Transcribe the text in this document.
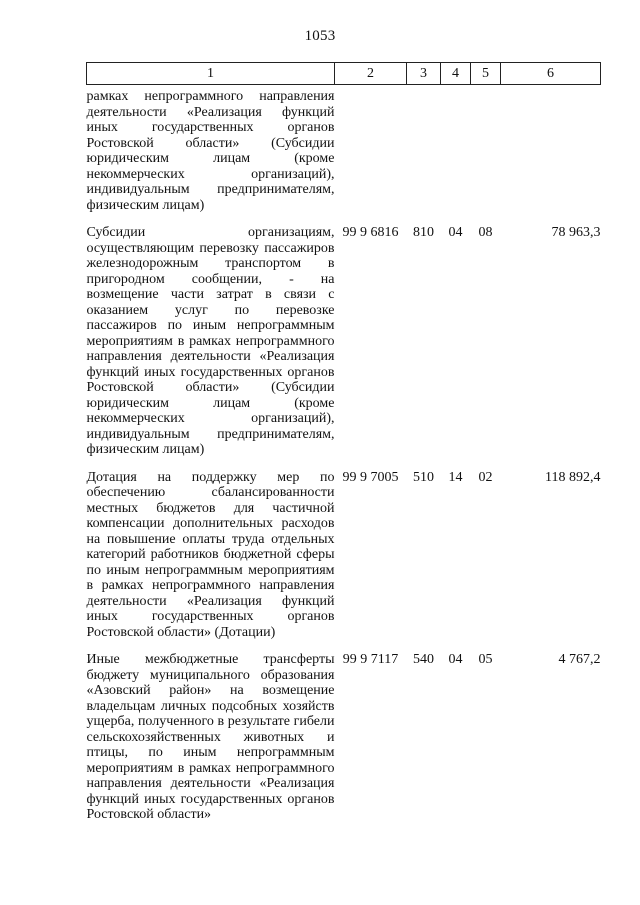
1053
1	2	3	4	5	6

рамках непрограммного направления деятельности «Реализация функций иных государственных органов Ростовской области» (Субсидии юридическим лицам (кроме некоммерческих организаций), индивидуальным предпринимателям, физическим лицам)					

Субсидии организациям, осуществляющим перевозку пассажиров железнодорожным транспортом в пригородном сообщении, - на возмещение части затрат в связи с оказанием услуг по перевозке пассажиров по иным непрограммным мероприятиям в рамках непрограммного направления деятельности «Реализация функций иных государственных органов Ростовской области» (Субсидии юридическим лицам (кроме некоммерческих организаций), индивидуальным предпринимателям, физическим лицам)	99 9 6816	810	04	08	78 963,3

Дотация на поддержку мер по обеспечению сбалансированности местных бюджетов для частичной компенсации дополнительных расходов на повышение оплаты труда отдельных категорий работников бюджетной сферы по иным непрограммным мероприятиям в рамках непрограммного направления деятельности «Реализация функций иных государственных органов Ростовской области» (Дотации)	99 9 7005	510	14	02	118 892,4

Иные межбюджетные трансферты бюджету муниципального образования «Азовский район» на возмещение владельцам личных подсобных хозяйств ущерба, полученного в результате гибели сельскохозяйственных животных и птицы, по иным непрограммным мероприятиям в рамках непрограммного направления деятельности «Реализация функций иных государственных органов Ростовской области»	99 9 7117	540	04	05	4 767,2
